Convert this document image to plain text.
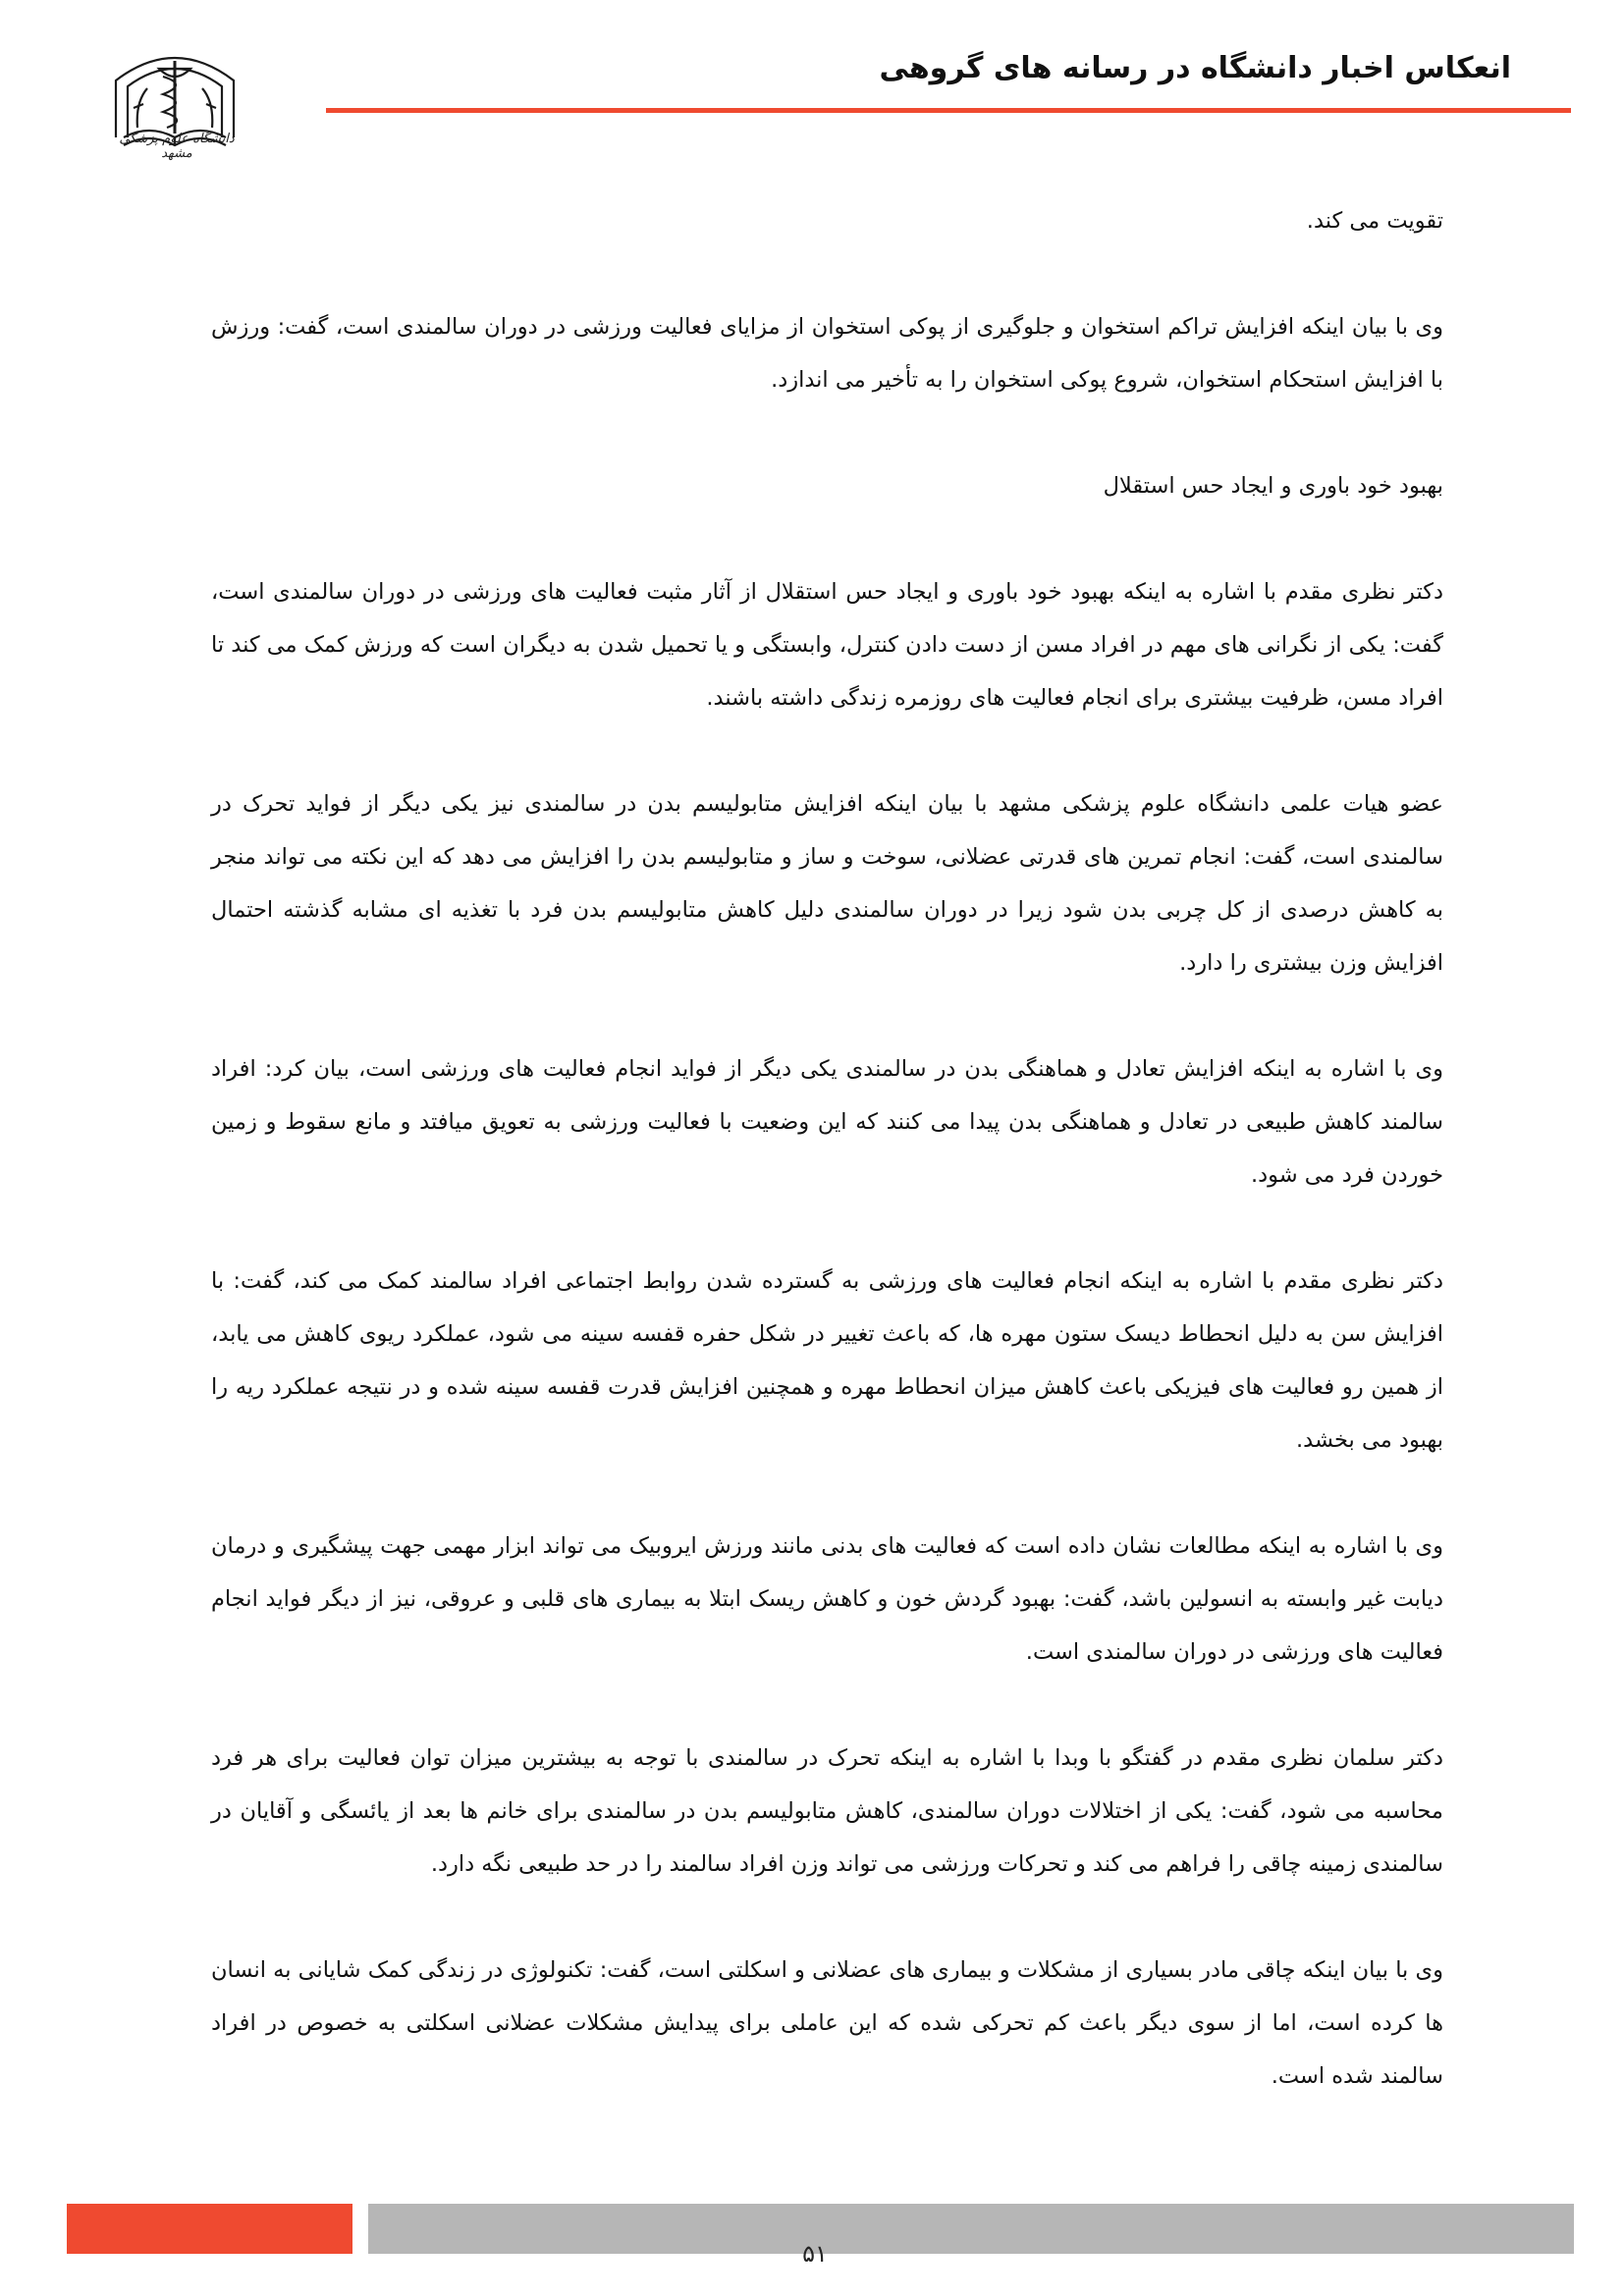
انعکاس اخبار دانشگاه در رسانه های گروهی
دانشگاه علوم پزشکی مشهد

تقویت می کند.

وی با بیان اینکه افزایش تراکم استخوان و جلوگیری از پوکی استخوان از مزایای فعالیت ورزشی در دوران سالمندی است، گفت: ورزش با افزایش استحکام استخوان، شروع پوکی استخوان را به تأخیر می اندازد.

بهبود خود باوری و ایجاد حس استقلال

دکتر نظری مقدم با اشاره به اینکه بهبود خود باوری و ایجاد حس استقلال از آثار مثبت فعالیت های ورزشی در دوران سالمندی است، گفت: یکی از نگرانی های مهم در افراد مسن از دست دادن کنترل، وابستگی و یا تحمیل شدن به دیگران است که ورزش کمک می کند تا افراد مسن، ظرفیت بیشتری برای انجام فعالیت های روزمره زندگی داشته باشند.

عضو هیات علمی دانشگاه علوم پزشکی مشهد با بیان اینکه افزایش متابولیسم بدن در سالمندی نیز یکی دیگر از فواید تحرک در سالمندی است، گفت: انجام تمرین های قدرتی عضلانی، سوخت و ساز و متابولیسم بدن را افزایش می دهد که این نکته می تواند منجر به کاهش درصدی از کل چربی بدن شود زیرا در دوران سالمندی دلیل کاهش متابولیسم بدن فرد با تغذیه ای مشابه گذشته احتمال افزایش وزن بیشتری را دارد.

وی با اشاره به اینکه افزایش تعادل و هماهنگی بدن در سالمندی یکی دیگر از فواید انجام فعالیت های ورزشی است، بیان کرد: افراد سالمند کاهش طبیعی در تعادل و هماهنگی بدن پیدا می کنند که این وضعیت با فعالیت ورزشی به تعویق میافتد و مانع سقوط و زمین خوردن فرد می شود.

دکتر نظری مقدم با اشاره به اینکه انجام فعالیت های ورزشی به گسترده شدن روابط اجتماعی افراد سالمند کمک می کند، گفت: با افزایش سن به دلیل انحطاط دیسک ستون مهره ها، که باعث تغییر در شکل حفره قفسه سینه می شود، عملکرد ریوی کاهش می یابد، از همین رو فعالیت های فیزیکی باعث کاهش میزان انحطاط مهره و همچنین افزایش قدرت قفسه سینه شده و در نتیجه عملکرد ریه را بهبود می بخشد.

وی با اشاره به اینکه مطالعات نشان داده است که فعالیت های بدنی مانند ورزش ایروبیک می تواند ابزار مهمی جهت پیشگیری و درمان دیابت غیر وابسته به انسولین باشد، گفت: بهبود گردش خون و کاهش ریسک ابتلا به بیماری های قلبی و عروقی، نیز از دیگر فواید انجام فعالیت های ورزشی در دوران سالمندی است.

دکتر سلمان نظری مقدم در گفتگو با وبدا با اشاره به اینکه تحرک در سالمندی با توجه به بیشترین میزان توان فعالیت برای هر فرد محاسبه می شود، گفت: یکی از اختلالات دوران سالمندی، کاهش متابولیسم بدن در سالمندی برای خانم ها بعد از یائسگی و آقایان در سالمندی زمینه چاقی را فراهم می کند و تحرکات ورزشی می تواند وزن افراد سالمند را در حد طبیعی نگه دارد.

وی با بیان اینکه چاقی مادر بسیاری از مشکلات و بیماری های عضلانی و اسکلتی است، گفت: تکنولوژی در زندگی کمک شایانی به انسان ها کرده است، اما از سوی دیگر باعث کم تحرکی شده که این عاملی برای پیدایش مشکلات عضلانی اسکلتی به خصوص در افراد سالمند شده است.

۵۱
